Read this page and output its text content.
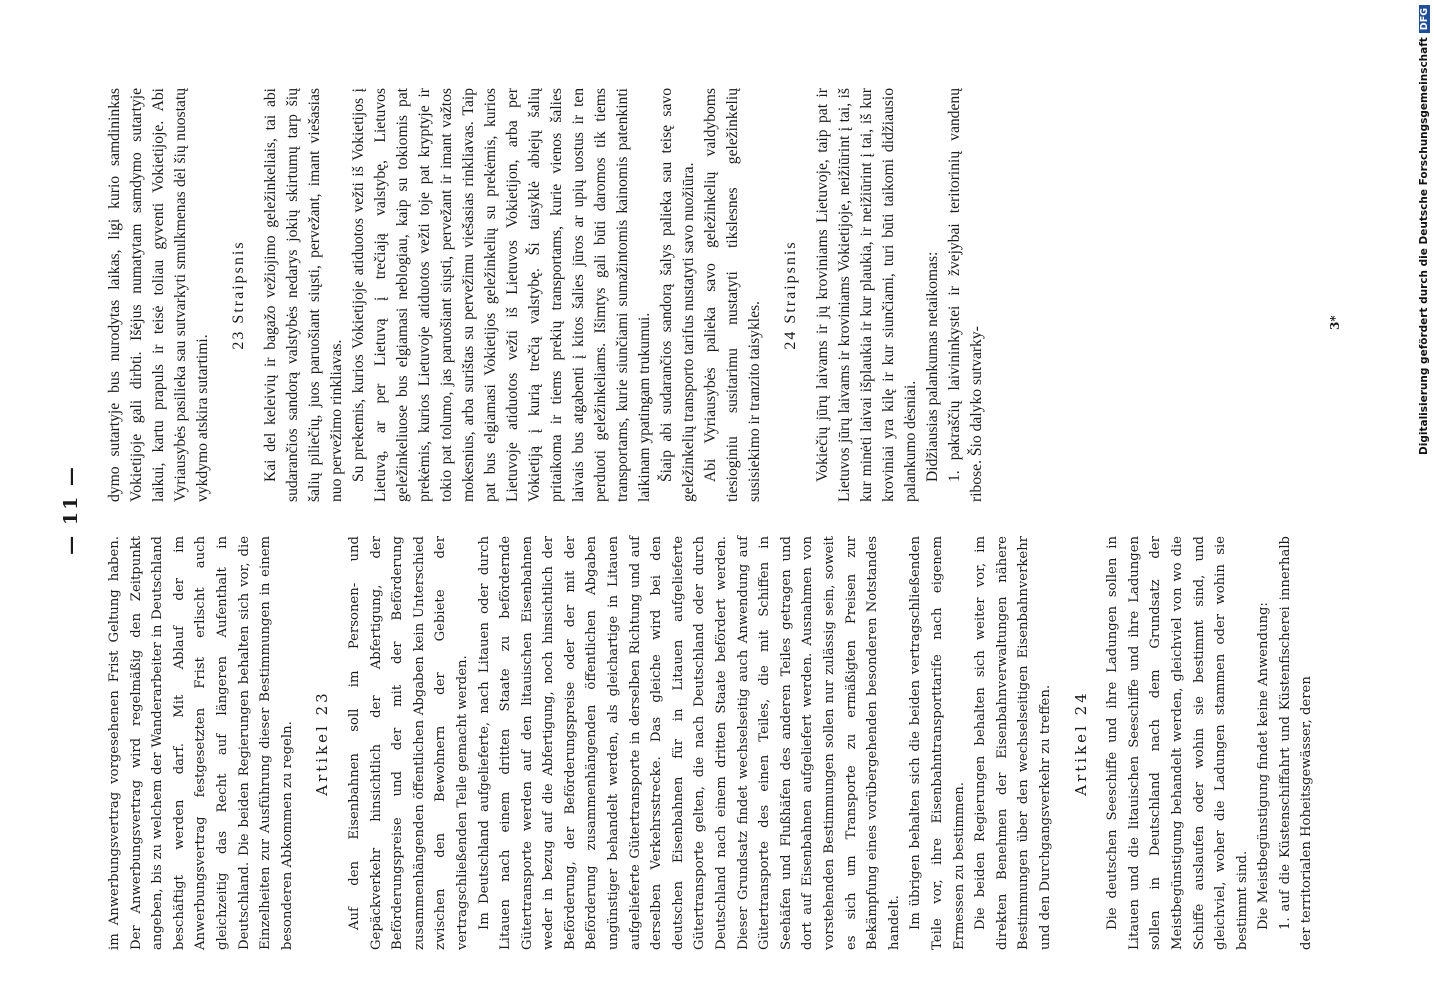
— 11 —

im Anwerbungsvertrag vorgesehenen Frist Geltung haben. Der Anwerbungsvertrag wird regelmäßig den Zeitpunkt angeben, bis zu welchem der Wanderarbeiter in Deutschland beschäftigt werden darf. Mit Ablauf der im Anwerbungsvertrag festgesetzten Frist erlischt auch gleichzeitig das Recht auf längeren Aufenthalt in Deutschland. Die beiden Regierungen behalten sich vor, die Einzelheiten zur Ausführung dieser Bestimmungen in einem besonderen Abkommen zu regeln. Artikel 23 Auf den Eisenbahnen soll im Personen- und Gepäckverkehr hinsichtlich der Abfertigung, der Beförderungspreise und der mit der Beförderung zusammenhängenden öffentlichen Abgaben kein Unterschied zwischen den Bewohnern der Gebiete der vertragschließenden Teile gemacht werden. Im Deutschland aufgelieferte, nach Litauen oder durch Litauen nach einem dritten Staate zu befördernde Gütertransporte werden auf den litauischen Eisenbahnen weder in bezug auf die Abfertigung, noch hinsichtlich der Beförderung, der Beförderungspreise oder der mit der Beförderung zusammenhängenden öffentlichen Abgaben ungünstiger behandelt werden, als gleichartige in Litauen aufgelieferte Gütertransporte in derselben Richtung und auf derselben Verkehrsstrecke. Das gleiche wird bei den deutschen Eisenbahnen für in Litauen aufgelieferte Gütertransporte gelten, die nach Deutschland oder durch Deutschland nach einem dritten Staate befördert werden. Dieser Grundsatz findet wechselseitig auch Anwendung auf Gütertransporte des einen Teiles, die mit Schiffen in Seehäfen und Flußhäfen des anderen Teiles getragen und dort auf Eisenbahnen aufgeliefert werden. Ausnahmen von vorstehenden Bestimmungen sollen nur zulässig sein, soweit es sich um Transporte zu ermäßigten Preisen zur Bekämpfung eines vorübergehenden besonderen Notstandes handelt. Im übrigen behalten sich die beiden vertragschließenden Teile vor, ihre Eisenbahntransporttarife nach eigenem Ermessen zu bestimmen. Die beiden Regierungen behalten sich weiter vor, im direkten Benehmen der Eisenbahnverwaltungen nähere Bestimmungen über den wechselseitigen Eisenbahnverkehr und den Durchgangsverkehr zu treffen. Artikel 24 Die deutschen Seeschiffe und ihre Ladungen sollen in Litauen und die litauischen Seeschiffe und ihre Ladungen sollen in Deutschland nach dem Grundsatz der Meistbegünstigung behandelt werden, gleichviel von wo die Schiffe auslaufen oder wohin sie bestimmt sind, und gleichviel, woher die Ladungen stammen oder wohin sie bestimmt sind. Die Meistbegünstigung findet keine Anwendung: 1. auf die Küstenschiffahrt und Küstenfischerei innerhalb der territorialen Hoheitsgewässer, deren

dymo sutartyje bus nurodytas laikas, ligi kurio samdininkas Vokietijoje gali dirbti. Išėjus numatytam samdymo sutartyje laikui, kartu prapuls ir teisė toliau gyventi Vokietijoje. Abi Vyriausybės pasilieka sau sutvarkyti smulkmenas dėl šių nuostatų vykdymo atskira sutartimi.

23 Straipsnis Kai del keleivių ir bagažo vežiojimo geležinkeliais, tai abi sudarančios sandorą valstybės nedarys jokių skirtumų tarp šių šalių piliečių, juos paruošiant siųsti, pervežant, imant viešasias nuo pervežimo rinkliavas. Su prekemis, kurios Vokietijoje atiduotos vežti iš Vokietijos į Lietuvą, ar per Lietuvą į trečiają valstybę, Lietuvos geležinkeliuose bus elgiamasi neblogiau, kaip su tokiomis pat prekėmis, kurios Lietuvoje atiduotos vežti toje pat kryptyje ir tokio pat tolumo, jas paruošiant siųsti, pervežant ir imant važtos mokesnius, arba surištas su pervežimu viešasias rinkliavas. Taip pat bus elgiamasi Vokietijos geležinkelių su prekėmis, kurios Lietuvoje atiduotos vežti iš Lietuvos Vokietijon, arba per Vokietiją į kurią trečią valstybę. Ši taisyklė abiejų šalių pritaikoma ir tiems prekių transportams, kurie vienos šalies laivais bus atgabenti į kitos šalies jūros ar upių uostus ir ten perduoti geležinkeliams. Išimtys gali būti daromos tik tiems transportams, kurie siunčiami sumažintomis kainomis patenkinti laikinam ypatingam trukumui. Šiaip abi sudarančios sandorą šalys palieka sau teisę savo geležinkelių transporto tarifus nustatyti savo nuožiūra. Abi Vyriausybės palieka savo geležinkelių valdyboms tiesioginiu susitarimu nustatyti tikslesnes geležinkelių susisiekimo ir tranzito taisykles.

24 Straipsnis Vokiečių jūrų laivams ir jų kroviniams Lietuvoje, taip pat ir Lietuvos jūrų laivams ir kroviniams Vokietijoje, neižiūrint į tai, iš kur minėti laivai išplaukia ir kur plaukia, ir neižiūrint į tai, iš kur kroviniai yra kilę ir kur siunčiami, turi būti taikomi didžiausio palankumo dėsniai. Didžiausias palankumas netaikomas: 1. pakraščių laivininkystei ir žvejybai teritorinių vandenų ribose. Šio dalyko sutvarky-

3*	Digitalisierung gefördert durch die Deutsche Forschungsgemeinschaft
DFG
